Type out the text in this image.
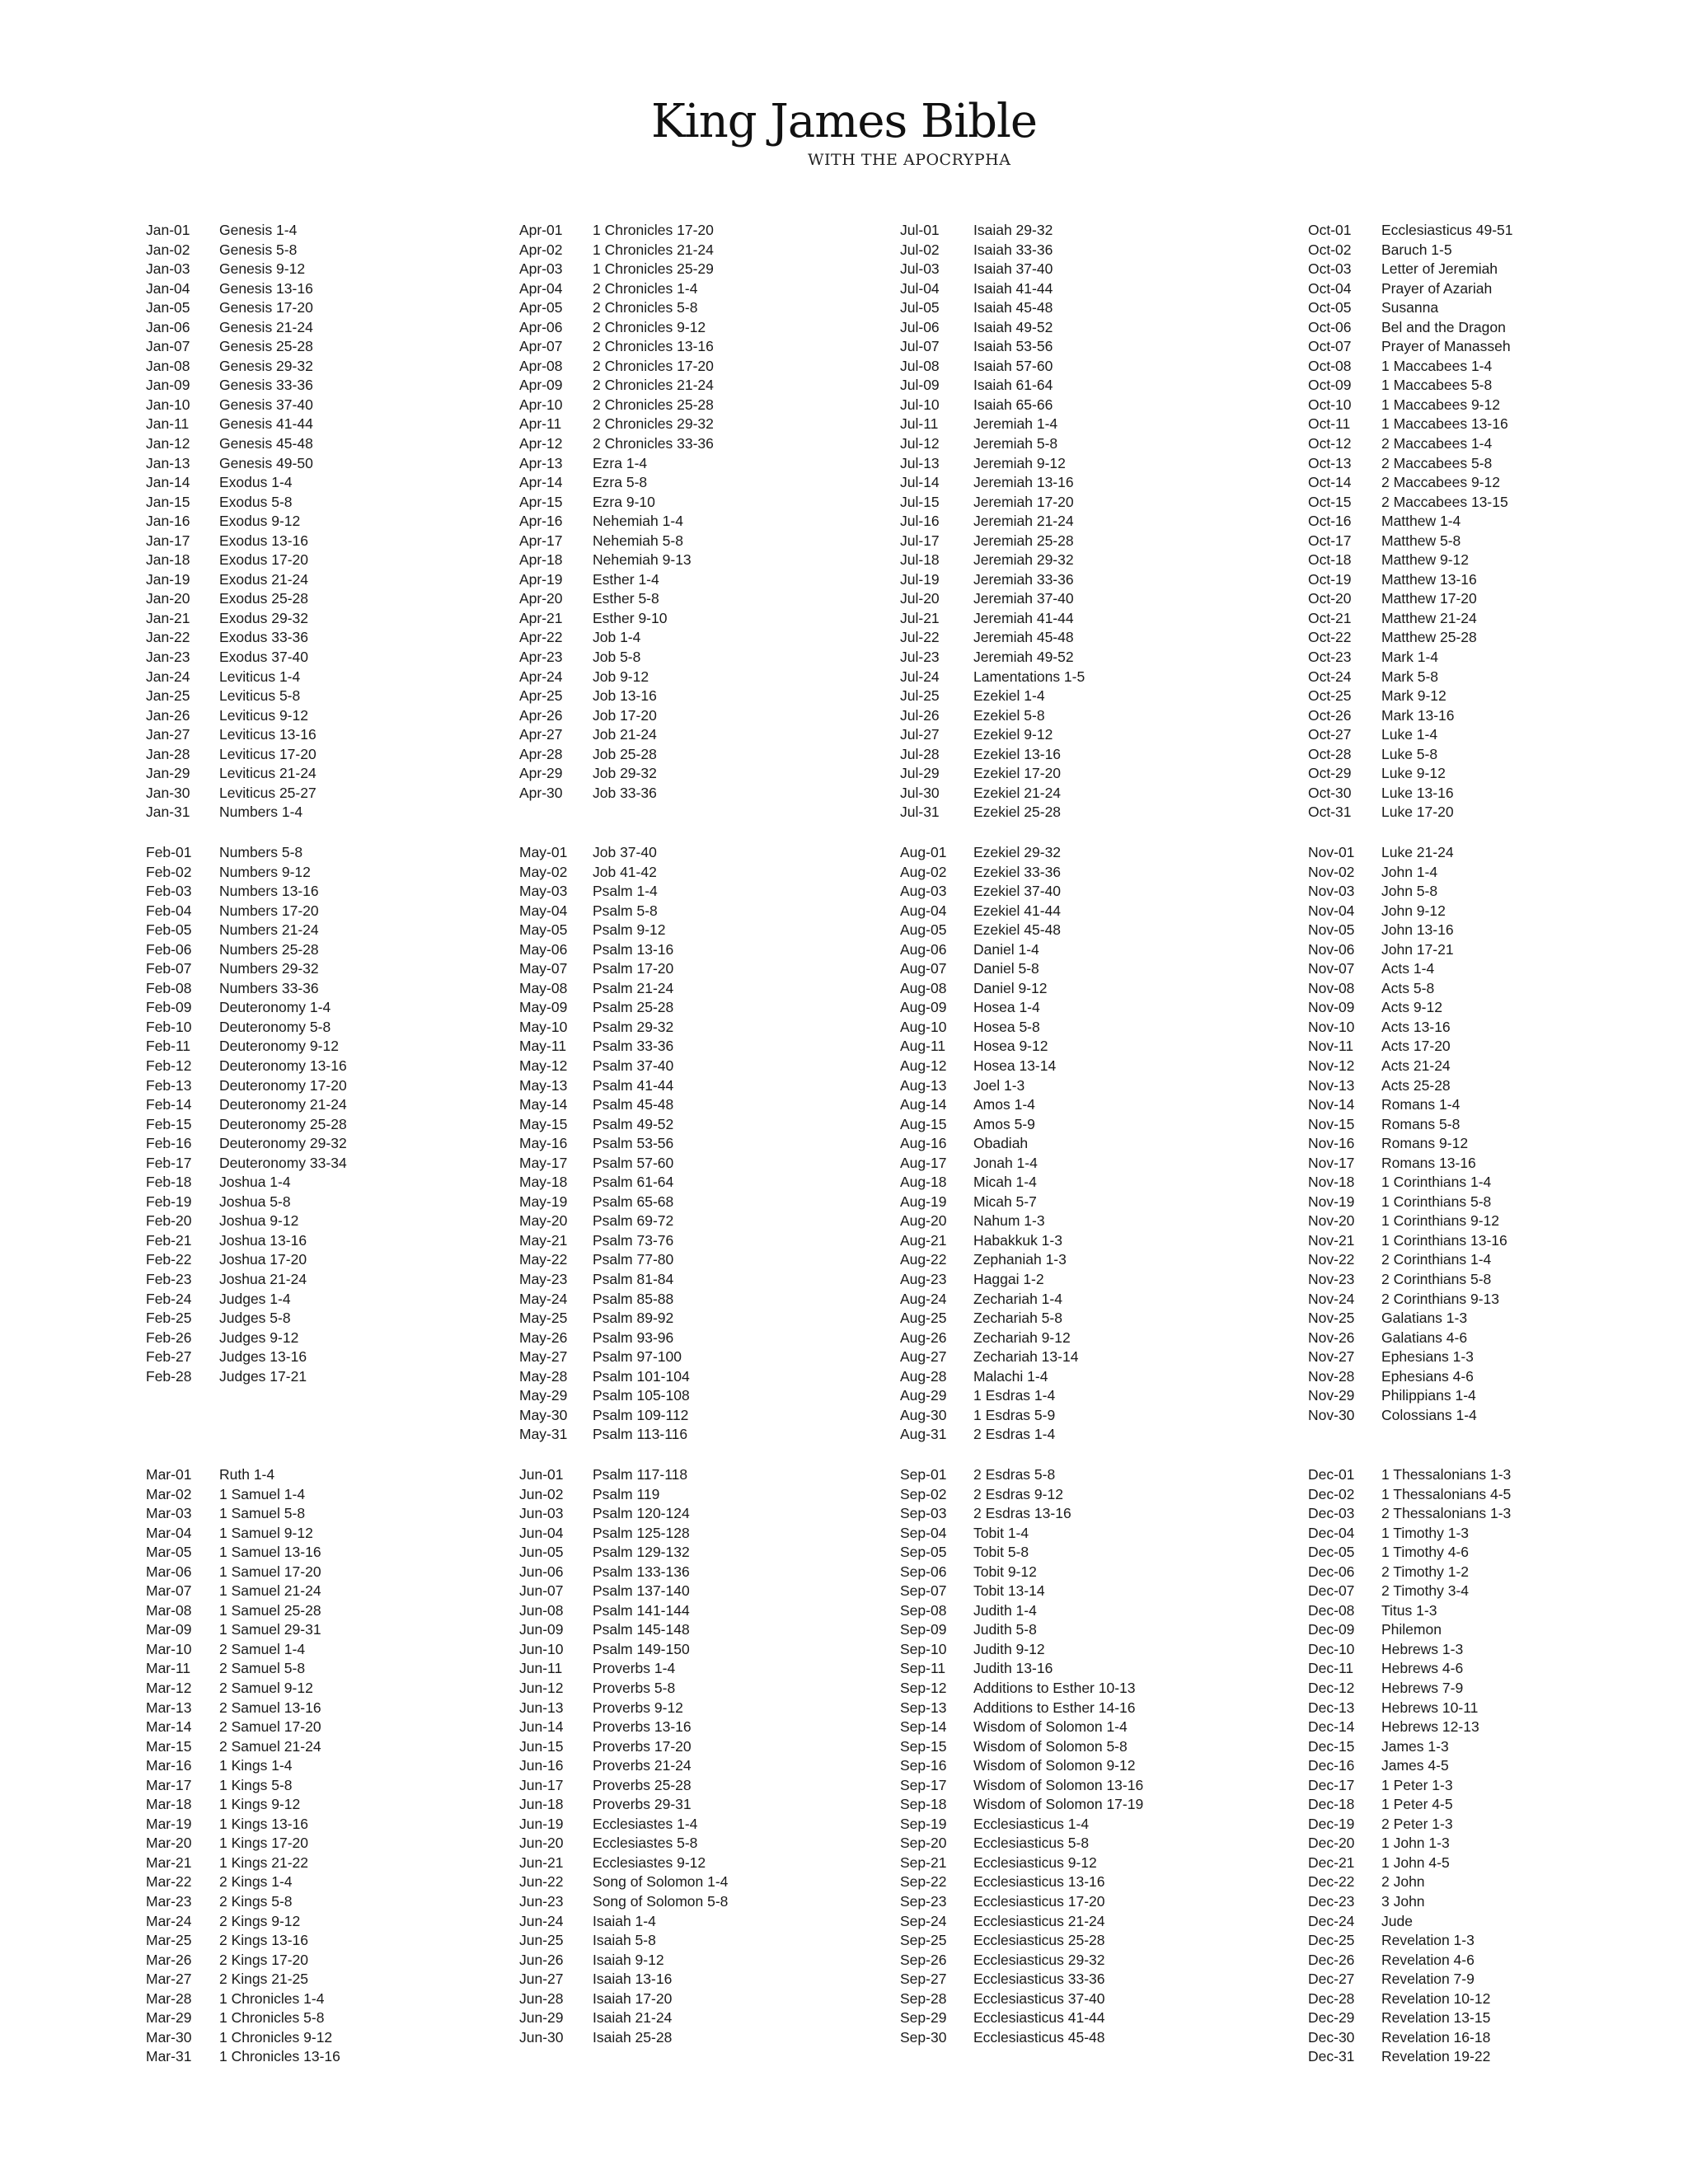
King James Bible
WITH THE APOCRYPHA
Jan-01 Genesis 1-4
Jan-02 Genesis 5-8
Jan-03 Genesis 9-12
Jan-04 Genesis 13-16
Jan-05 Genesis 17-20
Jan-06 Genesis 21-24
Jan-07 Genesis 25-28
Jan-08 Genesis 29-32
Jan-09 Genesis 33-36
Jan-10 Genesis 37-40
Jan-11 Genesis 41-44
Jan-12 Genesis 45-48
Jan-13 Genesis 49-50
Jan-14 Exodus 1-4
Jan-15 Exodus 5-8
Jan-16 Exodus 9-12
Jan-17 Exodus 13-16
Jan-18 Exodus 17-20
Jan-19 Exodus 21-24
Jan-20 Exodus 25-28
Jan-21 Exodus 29-32
Jan-22 Exodus 33-36
Jan-23 Exodus 37-40
Jan-24 Leviticus 1-4
Jan-25 Leviticus 5-8
Jan-26 Leviticus 9-12
Jan-27 Leviticus 13-16
Jan-28 Leviticus 17-20
Jan-29 Leviticus 21-24
Jan-30 Leviticus 25-27
Jan-31 Numbers 1-4
Feb-01 Numbers 5-8
Feb-02 Numbers 9-12
Feb-03 Numbers 13-16
Feb-04 Numbers 17-20
Feb-05 Numbers 21-24
Feb-06 Numbers 25-28
Feb-07 Numbers 29-32
Feb-08 Numbers 33-36
Feb-09 Deuteronomy 1-4
Feb-10 Deuteronomy 5-8
Feb-11 Deuteronomy 9-12
Feb-12 Deuteronomy 13-16
Feb-13 Deuteronomy 17-20
Feb-14 Deuteronomy 21-24
Feb-15 Deuteronomy 25-28
Feb-16 Deuteronomy 29-32
Feb-17 Deuteronomy 33-34
Feb-18 Joshua 1-4
Feb-19 Joshua 5-8
Feb-20 Joshua 9-12
Feb-21 Joshua 13-16
Feb-22 Joshua 17-20
Feb-23 Joshua 21-24
Feb-24 Judges 1-4
Feb-25 Judges 5-8
Feb-26 Judges 9-12
Feb-27 Judges 13-16
Feb-28 Judges 17-21
Mar-01 Ruth 1-4
Mar-02 1 Samuel 1-4
Mar-03 1 Samuel 5-8
Mar-04 1 Samuel 9-12
Mar-05 1 Samuel 13-16
Mar-06 1 Samuel 17-20
Mar-07 1 Samuel 21-24
Mar-08 1 Samuel 25-28
Mar-09 1 Samuel 29-31
Mar-10 2 Samuel 1-4
Mar-11 2 Samuel 5-8
Mar-12 2 Samuel 9-12
Mar-13 2 Samuel 13-16
Mar-14 2 Samuel 17-20
Mar-15 2 Samuel 21-24
Mar-16 1 Kings 1-4
Mar-17 1 Kings 5-8
Mar-18 1 Kings 9-12
Mar-19 1 Kings 13-16
Mar-20 1 Kings 17-20
Mar-21 1 Kings 21-22
Mar-22 2 Kings 1-4
Mar-23 2 Kings 5-8
Mar-24 2 Kings 9-12
Mar-25 2 Kings 13-16
Mar-26 2 Kings 17-20
Mar-27 2 Kings 21-25
Mar-28 1 Chronicles 1-4
Mar-29 1 Chronicles 5-8
Mar-30 1 Chronicles 9-12
Mar-31 1 Chronicles 13-16
Apr-01 1 Chronicles 17-20
Apr-02 1 Chronicles 21-24
Apr-03 1 Chronicles 25-29
Apr-04 2 Chronicles 1-4
Apr-05 2 Chronicles 5-8
Apr-06 2 Chronicles 9-12
Apr-07 2 Chronicles 13-16
Apr-08 2 Chronicles 17-20
Apr-09 2 Chronicles 21-24
Apr-10 2 Chronicles 25-28
Apr-11 2 Chronicles 29-32
Apr-12 2 Chronicles 33-36
Apr-13 Ezra 1-4
Apr-14 Ezra 5-8
Apr-15 Ezra 9-10
Apr-16 Nehemiah 1-4
Apr-17 Nehemiah 5-8
Apr-18 Nehemiah 9-13
Apr-19 Esther 1-4
Apr-20 Esther 5-8
Apr-21 Esther 9-10
Apr-22 Job 1-4
Apr-23 Job 5-8
Apr-24 Job 9-12
Apr-25 Job 13-16
Apr-26 Job 17-20
Apr-27 Job 21-24
Apr-28 Job 25-28
Apr-29 Job 29-32
Apr-30 Job 33-36
May-01 Job 37-40
May-02 Job 41-42
May-03 Psalm 1-4
May-04 Psalm 5-8
May-05 Psalm 9-12
May-06 Psalm 13-16
May-07 Psalm 17-20
May-08 Psalm 21-24
May-09 Psalm 25-28
May-10 Psalm 29-32
May-11 Psalm 33-36
May-12 Psalm 37-40
May-13 Psalm 41-44
May-14 Psalm 45-48
May-15 Psalm 49-52
May-16 Psalm 53-56
May-17 Psalm 57-60
May-18 Psalm 61-64
May-19 Psalm 65-68
May-20 Psalm 69-72
May-21 Psalm 73-76
May-22 Psalm 77-80
May-23 Psalm 81-84
May-24 Psalm 85-88
May-25 Psalm 89-92
May-26 Psalm 93-96
May-27 Psalm 97-100
May-28 Psalm 101-104
May-29 Psalm 105-108
May-30 Psalm 109-112
May-31 Psalm 113-116
Jun-01 Psalm 117-118
Jun-02 Psalm 119
Jun-03 Psalm 120-124
Jun-04 Psalm 125-128
Jun-05 Psalm 129-132
Jun-06 Psalm 133-136
Jun-07 Psalm 137-140
Jun-08 Psalm 141-144
Jun-09 Psalm 145-148
Jun-10 Psalm 149-150
Jun-11 Proverbs 1-4
Jun-12 Proverbs 5-8
Jun-13 Proverbs 9-12
Jun-14 Proverbs 13-16
Jun-15 Proverbs 17-20
Jun-16 Proverbs 21-24
Jun-17 Proverbs 25-28
Jun-18 Proverbs 29-31
Jun-19 Ecclesiastes 1-4
Jun-20 Ecclesiastes 5-8
Jun-21 Ecclesiastes 9-12
Jun-22 Song of Solomon 1-4
Jun-23 Song of Solomon 5-8
Jun-24 Isaiah 1-4
Jun-25 Isaiah 5-8
Jun-26 Isaiah 9-12
Jun-27 Isaiah 13-16
Jun-28 Isaiah 17-20
Jun-29 Isaiah 21-24
Jun-30 Isaiah 25-28
Jul-01 Isaiah 29-32
Jul-02 Isaiah 33-36
Jul-03 Isaiah 37-40
Jul-04 Isaiah 41-44
Jul-05 Isaiah 45-48
Jul-06 Isaiah 49-52
Jul-07 Isaiah 53-56
Jul-08 Isaiah 57-60
Jul-09 Isaiah 61-64
Jul-10 Isaiah 65-66
Jul-11 Jeremiah 1-4
Jul-12 Jeremiah 5-8
Jul-13 Jeremiah 9-12
Jul-14 Jeremiah 13-16
Jul-15 Jeremiah 17-20
Jul-16 Jeremiah 21-24
Jul-17 Jeremiah 25-28
Jul-18 Jeremiah 29-32
Jul-19 Jeremiah 33-36
Jul-20 Jeremiah 37-40
Jul-21 Jeremiah 41-44
Jul-22 Jeremiah 45-48
Jul-23 Jeremiah 49-52
Jul-24 Lamentations 1-5
Jul-25 Ezekiel 1-4
Jul-26 Ezekiel 5-8
Jul-27 Ezekiel 9-12
Jul-28 Ezekiel 13-16
Jul-29 Ezekiel 17-20
Jul-30 Ezekiel 21-24
Jul-31 Ezekiel 25-28
Aug-01 Ezekiel 29-32
Aug-02 Ezekiel 33-36
Aug-03 Ezekiel 37-40
Aug-04 Ezekiel 41-44
Aug-05 Ezekiel 45-48
Aug-06 Daniel 1-4
Aug-07 Daniel 5-8
Aug-08 Daniel 9-12
Aug-09 Hosea 1-4
Aug-10 Hosea 5-8
Aug-11 Hosea 9-12
Aug-12 Hosea 13-14
Aug-13 Joel 1-3
Aug-14 Amos 1-4
Aug-15 Amos 5-9
Aug-16 Obadiah
Aug-17 Jonah 1-4
Aug-18 Micah 1-4
Aug-19 Micah 5-7
Aug-20 Nahum 1-3
Aug-21 Habakkuk 1-3
Aug-22 Zephaniah 1-3
Aug-23 Haggai 1-2
Aug-24 Zechariah 1-4
Aug-25 Zechariah 5-8
Aug-26 Zechariah 9-12
Aug-27 Zechariah 13-14
Aug-28 Malachi 1-4
Aug-29 1 Esdras 1-4
Aug-30 1 Esdras 5-9
Aug-31 2 Esdras 1-4
Sep-01 2 Esdras 5-8
Sep-02 2 Esdras 9-12
Sep-03 2 Esdras 13-16
Sep-04 Tobit 1-4
Sep-05 Tobit 5-8
Sep-06 Tobit 9-12
Sep-07 Tobit 13-14
Sep-08 Judith 1-4
Sep-09 Judith 5-8
Sep-10 Judith 9-12
Sep-11 Judith 13-16
Sep-12 Additions to Esther 10-13
Sep-13 Additions to Esther 14-16
Sep-14 Wisdom of Solomon 1-4
Sep-15 Wisdom of Solomon 5-8
Sep-16 Wisdom of Solomon 9-12
Sep-17 Wisdom of Solomon 13-16
Sep-18 Wisdom of Solomon 17-19
Sep-19 Ecclesiasticus 1-4
Sep-20 Ecclesiasticus 5-8
Sep-21 Ecclesiasticus 9-12
Sep-22 Ecclesiasticus 13-16
Sep-23 Ecclesiasticus 17-20
Sep-24 Ecclesiasticus 21-24
Sep-25 Ecclesiasticus 25-28
Sep-26 Ecclesiasticus 29-32
Sep-27 Ecclesiasticus 33-36
Sep-28 Ecclesiasticus 37-40
Sep-29 Ecclesiasticus 41-44
Sep-30 Ecclesiasticus 45-48
Oct-01 Ecclesiasticus 49-51
Oct-02 Baruch 1-5
Oct-03 Letter of Jeremiah
Oct-04 Prayer of Azariah
Oct-05 Susanna
Oct-06 Bel and the Dragon
Oct-07 Prayer of Manasseh
Oct-08 1 Maccabees 1-4
Oct-09 1 Maccabees 5-8
Oct-10 1 Maccabees 9-12
Oct-11 1 Maccabees 13-16
Oct-12 2 Maccabees 1-4
Oct-13 2 Maccabees 5-8
Oct-14 2 Maccabees 9-12
Oct-15 2 Maccabees 13-15
Oct-16 Matthew 1-4
Oct-17 Matthew 5-8
Oct-18 Matthew 9-12
Oct-19 Matthew 13-16
Oct-20 Matthew 17-20
Oct-21 Matthew 21-24
Oct-22 Matthew 25-28
Oct-23 Mark 1-4
Oct-24 Mark 5-8
Oct-25 Mark 9-12
Oct-26 Mark 13-16
Oct-27 Luke 1-4
Oct-28 Luke 5-8
Oct-29 Luke 9-12
Oct-30 Luke 13-16
Oct-31 Luke 17-20
Nov-01 Luke 21-24
Nov-02 John 1-4
Nov-03 John 5-8
Nov-04 John 9-12
Nov-05 John 13-16
Nov-06 John 17-21
Nov-07 Acts 1-4
Nov-08 Acts 5-8
Nov-09 Acts 9-12
Nov-10 Acts 13-16
Nov-11 Acts 17-20
Nov-12 Acts 21-24
Nov-13 Acts 25-28
Nov-14 Romans 1-4
Nov-15 Romans 5-8
Nov-16 Romans 9-12
Nov-17 Romans 13-16
Nov-18 1 Corinthians 1-4
Nov-19 1 Corinthians 5-8
Nov-20 1 Corinthians 9-12
Nov-21 1 Corinthians 13-16
Nov-22 2 Corinthians 1-4
Nov-23 2 Corinthians 5-8
Nov-24 2 Corinthians 9-13
Nov-25 Galatians 1-3
Nov-26 Galatians 4-6
Nov-27 Ephesians 1-3
Nov-28 Ephesians 4-6
Nov-29 Philippians 1-4
Nov-30 Colossians 1-4
Dec-01 1 Thessalonians 1-3
Dec-02 1 Thessalonians 4-5
Dec-03 2 Thessalonians 1-3
Dec-04 1 Timothy 1-3
Dec-05 1 Timothy 4-6
Dec-06 2 Timothy 1-2
Dec-07 2 Timothy 3-4
Dec-08 Titus 1-3
Dec-09 Philemon
Dec-10 Hebrews 1-3
Dec-11 Hebrews 4-6
Dec-12 Hebrews 7-9
Dec-13 Hebrews 10-11
Dec-14 Hebrews 12-13
Dec-15 James 1-3
Dec-16 James 4-5
Dec-17 1 Peter 1-3
Dec-18 1 Peter 4-5
Dec-19 2 Peter 1-3
Dec-20 1 John 1-3
Dec-21 1 John 4-5
Dec-22 2 John
Dec-23 3 John
Dec-24 Jude
Dec-25 Revelation 1-3
Dec-26 Revelation 4-6
Dec-27 Revelation 7-9
Dec-28 Revelation 10-12
Dec-29 Revelation 13-15
Dec-30 Revelation 16-18
Dec-31 Revelation 19-22
